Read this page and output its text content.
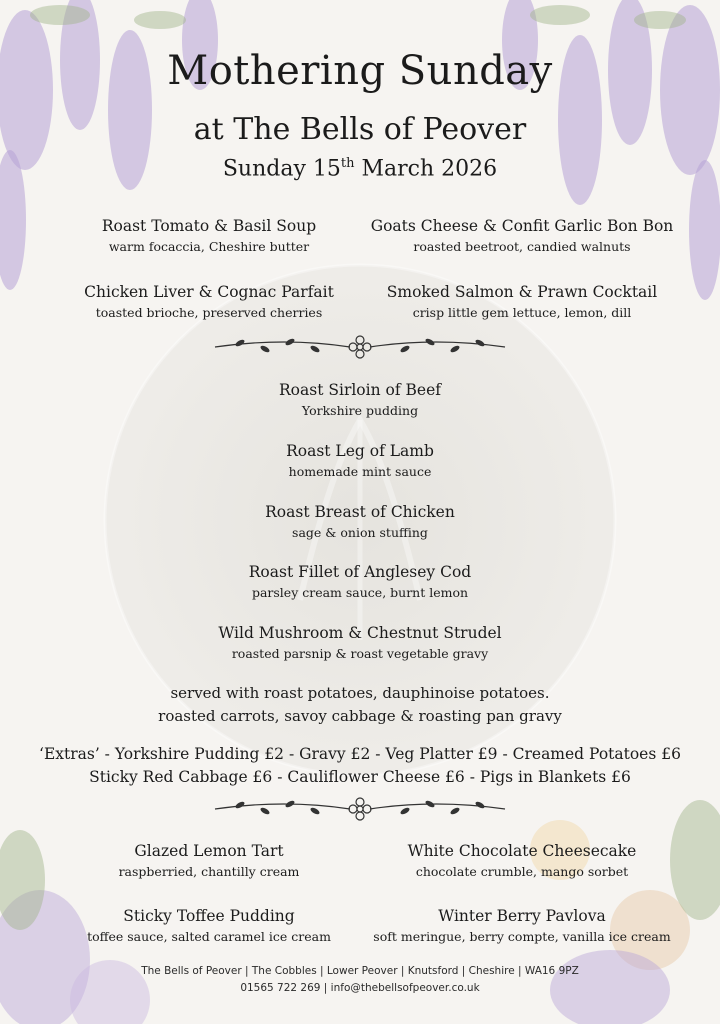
Mothering Sunday
at The Bells of Peover
Sunday 15th March 2026
Roast Tomato & Basil Soup
warm focaccia, Cheshire butter
Goats Cheese & Confit Garlic Bon Bon
roasted beetroot, candied walnuts
Chicken Liver & Cognac Parfait
toasted brioche, preserved cherries
Smoked Salmon & Prawn Cocktail
crisp little gem lettuce, lemon, dill
Roast Sirloin of Beef
Yorkshire pudding
Roast Leg of Lamb
homemade mint sauce
Roast Breast of Chicken
sage & onion stuffing
Roast Fillet of Anglesey Cod
parsley cream sauce, burnt lemon
Wild Mushroom & Chestnut Strudel
roasted parsnip & roast vegetable gravy
served with roast potatoes, dauphinoise potatoes.
roasted carrots, savoy cabbage & roasting pan gravy
‘Extras’ - Yorkshire Pudding £2 - Gravy £2 - Veg Platter £9 - Creamed Potatoes £6
Sticky Red Cabbage £6 - Cauliflower Cheese £6 - Pigs in Blankets £6
Glazed Lemon Tart
raspberried, chantilly cream
White Chocolate Cheesecake
chocolate crumble, mango sorbet
Sticky Toffee Pudding
toffee sauce, salted caramel ice cream
Winter Berry Pavlova
soft meringue, berry compte, vanilla ice cream
The Bells of Peover | The Cobbles | Lower Peover | Knutsford | Cheshire | WA16 9PZ
01565 722 269 | info@thebellsofpeover.co.uk
